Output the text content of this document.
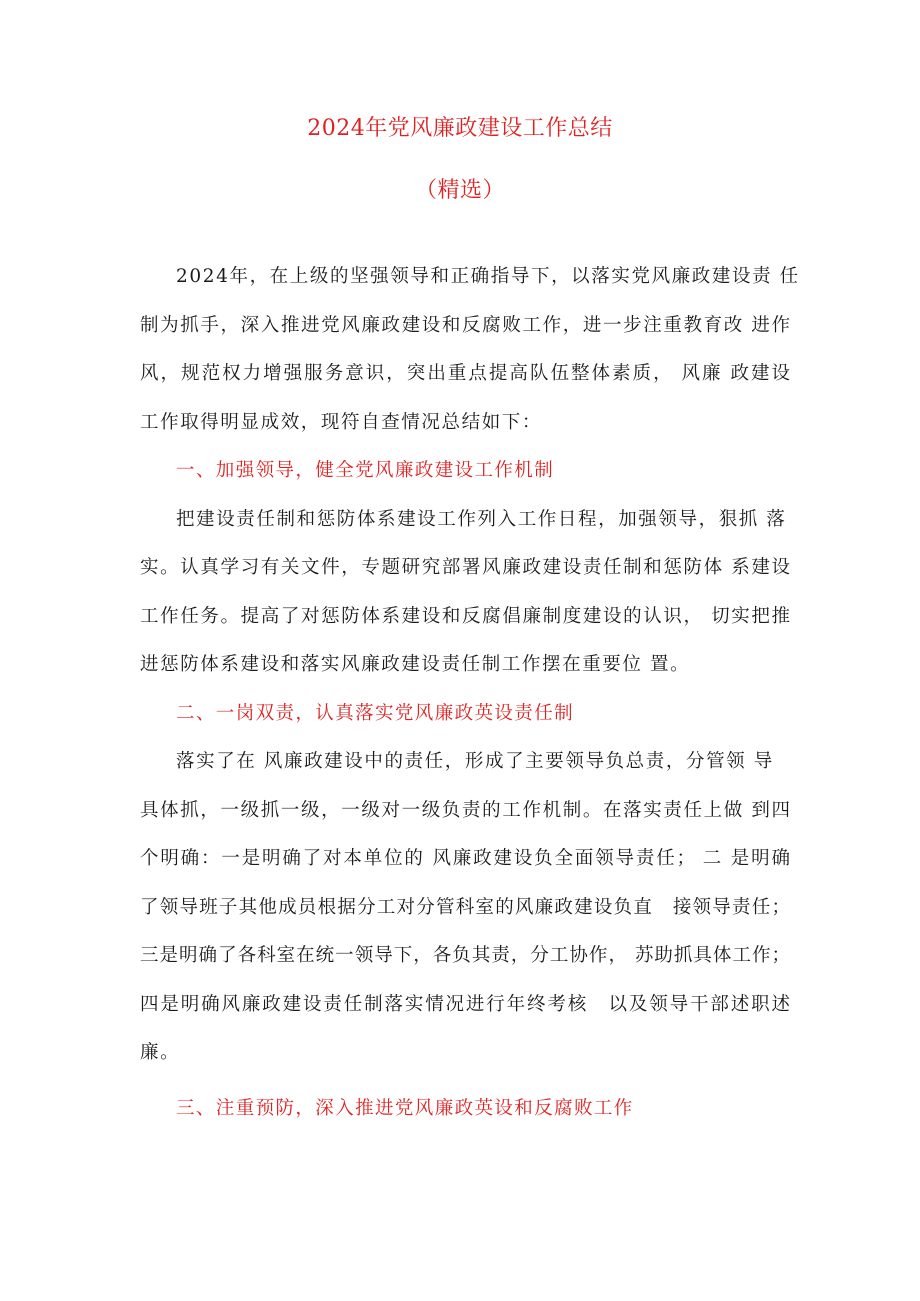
2024年党风廉政建设工作总结
（精选）

2024年，在上级的坚强领导和正确指导下，以落实党风廉政建设责 任

制为抓手，深入推进党风廉政建设和反腐败工作，进一步注重教育改 进作

风，规范权力增强服务意识，突出重点提高队伍整体素质， 风廉 政建设

工作取得明显成效，现符自查情况总结如下：

一、加强领导，健全党风廉政建设工作机制

把建设责任制和惩防体系建设工作列入工作日程，加强领导，狠抓 落

实。认真学习有关文件，专题研究部署风廉政建设责任制和惩防体 系建设

工作任务。提高了对惩防体系建设和反腐倡廉制度建设的认识， 切实把推

进惩防体系建设和落实风廉政建设责任制工作摆在重要位 置。

二、一岗双责，认真落实党风廉政英设责任制

落实了在 风廉政建设中的责任，形成了主要领导负总责，分管领 导

具体抓，一级抓一级，一级对一级负责的工作机制。在落实责任上做 到四

个明确：一是明确了对本单位的 风廉政建设负全面领导责任； 二 是明确

了领导班子其他成员根据分工对分管科室的风廉政建设负直　接领导责任；

三是明确了各科室在统一领导下，各负其责，分工协作， 苏助抓具体工作；

四是明确风廉政建设责任制落实情况进行年终考核　以及领导干部述职述

廉。

三、注重预防，深入推进党风廉政英设和反腐败工作
